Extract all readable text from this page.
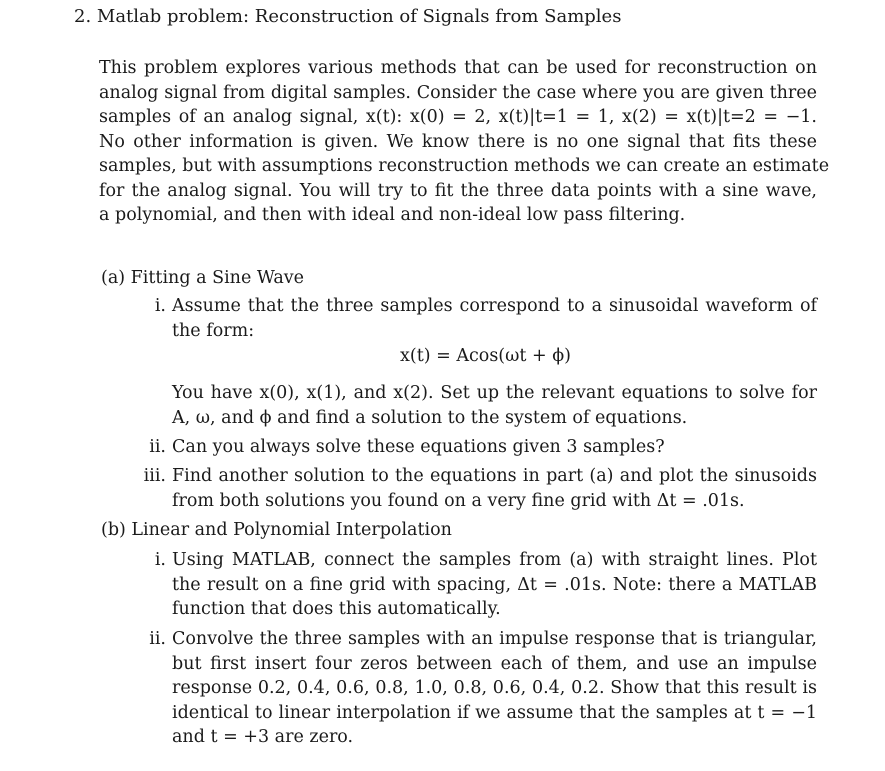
2. Matlab problem: Reconstruction of Signals from Samples
This problem explores various methods that can be used for reconstruction on
analog signal from digital samples. Consider the case where you are given three
samples of an analog signal, x(t): x(0) = 2, x(t)|t=1 = 1, x(2) = x(t)|t=2 = −1.
No other information is given. We know there is no one signal that fits these
samples, but with assumptions reconstruction methods we can create an estimate
for the analog signal. You will try to fit the three data points with a sine wave,
a polynomial, and then with ideal and non-ideal low pass filtering.
(a) Fitting a Sine Wave
i. Assume that the three samples correspond to a sinusoidal waveform of
the form:
x(t) = Acos(ωt + ϕ)
You have x(0), x(1), and x(2). Set up the relevant equations to solve for
A, ω, and ϕ and find a solution to the system of equations.
ii. Can you always solve these equations given 3 samples?
iii. Find another solution to the equations in part (a) and plot the sinusoids
from both solutions you found on a very fine grid with Δt = .01s.
(b) Linear and Polynomial Interpolation
i. Using MATLAB, connect the samples from (a) with straight lines. Plot
the result on a fine grid with spacing, Δt = .01s. Note: there a MATLAB
function that does this automatically.
ii. Convolve the three samples with an impulse response that is triangular,
but first insert four zeros between each of them, and use an impulse
response 0.2, 0.4, 0.6, 0.8, 1.0, 0.8, 0.6, 0.4, 0.2. Show that this result is
identical to linear interpolation if we assume that the samples at t = −1
and t = +3 are zero.
